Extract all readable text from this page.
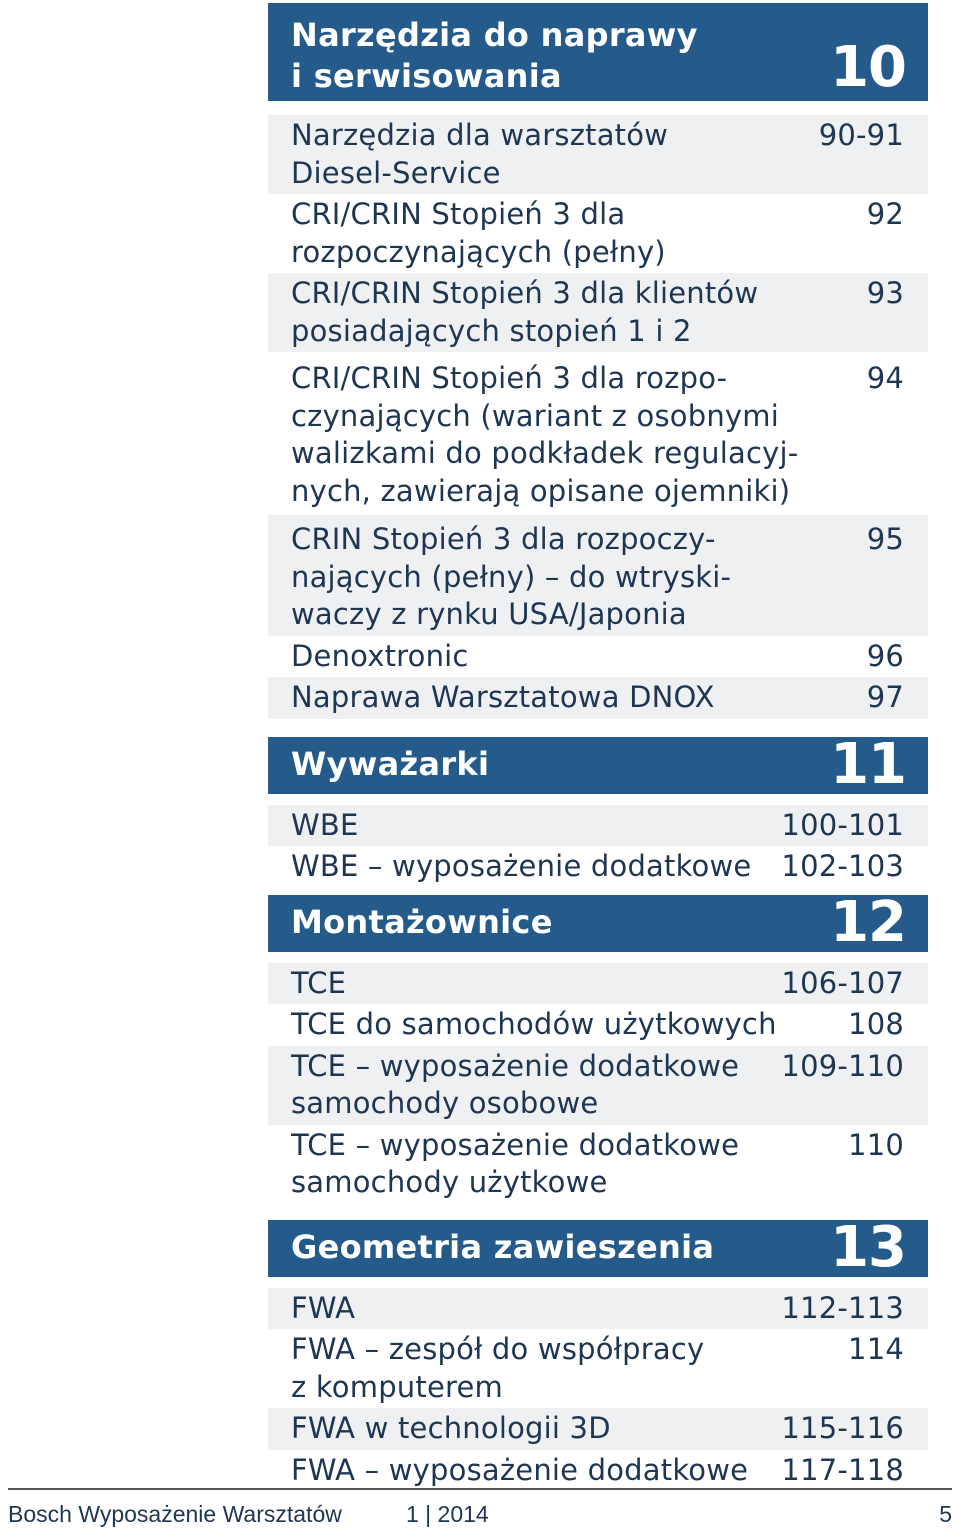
Narzędzia do naprawy
i serwisowania	10
Narzędzia dla warsztatów
Diesel-Service
90-91
CRI/CRIN Stopień 3 dla
rozpoczynających (pełny)
92
CRI/CRIN Stopień 3 dla klientów
posiadających stopień 1 i 2
93
CRI/CRIN Stopień 3 dla rozpo-
czynających (wariant z osobnymi
walizkami do podkładek regulacyj-
nych, zawierają opisane ojemniki)
94
CRIN Stopień 3 dla rozpoczy-
nających (pełny) – do wtryski-
waczy z rynku USA/Japonia
95
Denoxtronic	96
Naprawa Warsztatowa DNOX	97
Wyważarki	11
WBE	100-101
WBE – wyposażenie dodatkowe	102-103
Montażownice	12
TCE	106-107
TCE do samochodów użytkowych	108
TCE – wyposażenie dodatkowe
samochody osobowe
109-110
TCE – wyposażenie dodatkowe
samochody użytkowe
110
Geometria zawieszenia	13
FWA	112-113
FWA – zespół do współpracy
z komputerem
114
FWA w technologii 3D	115-116
FWA – wyposażenie dodatkowe	117-118
Bosch Wyposażenie Warsztatów	1 | 2014	5
